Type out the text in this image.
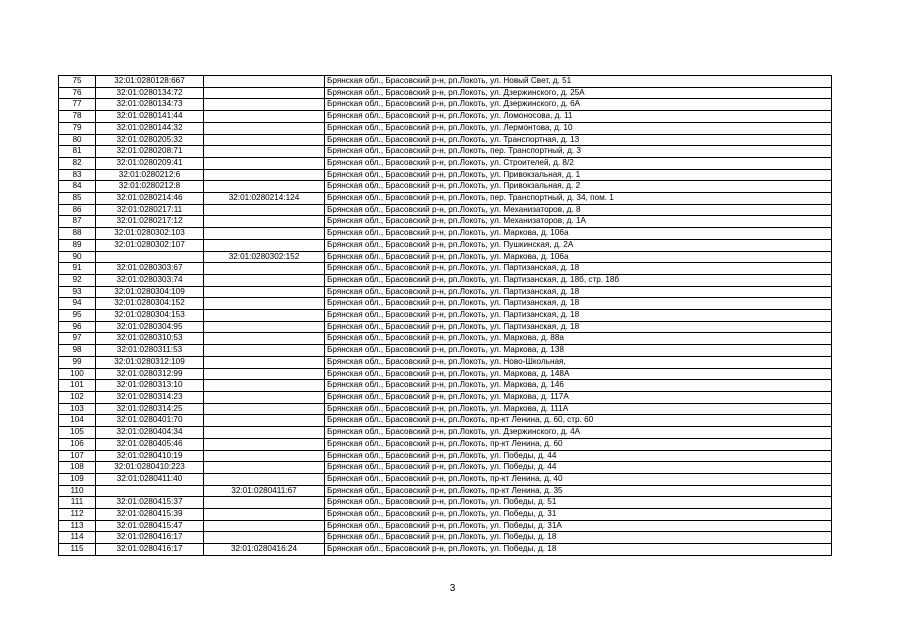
75	32:01:0280128:667		Брянская обл., Брасовский р-н, рп.Локоть, ул. Новый Свет, д. 51
76	32:01:0280134:72		Брянская обл., Брасовский р-н, рп.Локоть, ул. Дзержинского, д. 25А
77	32:01:0280134:73		Брянская обл., Брасовский р-н, рп.Локоть, ул. Дзержинского, д. 6А
78	32:01:0280141:44		Брянская обл., Брасовский р-н, рп.Локоть, ул. Ломоносова, д. 11
79	32:01:0280144:32		Брянская обл., Брасовский р-н, рп.Локоть, ул. Лермонтова, д. 10
80	32:01:0280205:32		Брянская обл., Брасовский р-н, рп.Локоть, ул. Транспортная, д. 13
81	32:01:0280208:71		Брянская обл., Брасовский р-н, рп.Локоть, пер. Транспортный, д. 3
82	32:01:0280209:41		Брянская обл., Брасовский р-н, рп.Локоть, ул. Строителей, д. 8/2
83	32:01:0280212:6		Брянская обл., Брасовский р-н, рп.Локоть, ул. Привокзальная, д. 1
84	32:01:0280212:8		Брянская обл., Брасовский р-н, рп.Локоть, ул. Привокзальная, д. 2
85	32:01:0280214:46	32:01:0280214:124	Брянская обл., Брасовский р-н, рп.Локоть, пер. Транспортный, д. 34, пом. 1
86	32:01:0280217:11		Брянская обл., Брасовский р-н, рп.Локоть, ул. Механизаторов, д. 8
87	32:01:0280217:12		Брянская обл., Брасовский р-н, рп.Локоть, ул. Механизаторов, д. 1А
88	32:01:0280302:103		Брянская обл., Брасовский р-н, рп.Локоть, ул. Маркова, д. 106а
89	32:01:0280302:107		Брянская обл., Брасовский р-н, рп.Локоть, ул. Пушкинская, д. 2А
90		32:01:0280302:152	Брянская обл., Брасовский р-н, рп.Локоть, ул. Маркова, д. 106а
91	32:01:0280303:67		Брянская обл., Брасовский р-н, рп.Локоть, ул. Партизанская, д. 18
92	32:01:0280303:74		Брянская обл., Брасовский р-н, рп.Локоть, ул. Партизанская, д. 18б, стр. 18б
93	32:01:0280304:109		Брянская обл., Брасовский р-н, рп.Локоть, ул. Партизанская, д. 18
94	32:01:0280304:152		Брянская обл., Брасовский р-н, рп.Локоть, ул. Партизанская, д. 18
95	32:01:0280304:153		Брянская обл., Брасовский р-н, рп.Локоть, ул. Партизанская, д. 18
96	32:01:0280304:95		Брянская обл., Брасовский р-н, рп.Локоть, ул. Партизанская, д. 18
97	32:01:0280310:53		Брянская обл., Брасовский р-н, рп.Локоть, ул. Маркова, д. 88а
98	32:01:0280311:53		Брянская обл., Брасовский р-н, рп.Локоть, ул. Маркова, д. 138
99	32:01:0280312:109		Брянская обл., Брасовский р-н, рп.Локоть, ул. Ново-Школьная,
100	32:01:0280312:99		Брянская обл., Брасовский р-н, рп.Локоть, ул. Маркова, д. 148А
101	32:01:0280313:10		Брянская обл., Брасовский р-н, рп.Локоть, ул. Маркова, д. 146
102	32:01:0280314:23		Брянская обл., Брасовский р-н, рп.Локоть, ул. Маркова, д. 117А
103	32:01:0280314:25		Брянская обл., Брасовский р-н, рп.Локоть, ул. Маркова, д. 111А
104	32:01:0280401:70		Брянская обл., Брасовский р-н, рп.Локоть, пр-кт Ленина, д. 60, стр. 60
105	32:01:0280404:34		Брянская обл., Брасовский р-н, рп.Локоть, ул. Дзержинского, д. 4А
106	32:01:0280405:46		Брянская обл., Брасовский р-н, рп.Локоть, пр-кт Ленина, д. 60
107	32:01:0280410:19		Брянская обл., Брасовский р-н, рп.Локоть, ул. Победы, д. 44
108	32:01:0280410:223		Брянская обл., Брасовский р-н, рп.Локоть, ул. Победы, д. 44
109	32:01:0280411:40		Брянская обл., Брасовский р-н, рп.Локоть, пр-кт Ленина, д. 40
110		32:01:0280411:67	Брянская обл., Брасовский р-н, рп.Локоть, пр-кт Ленина, д. 35
111	32:01:0280415:37		Брянская обл., Брасовский р-н, рп.Локоть, ул. Победы, д. 51
112	32:01:0280415:39		Брянская обл., Брасовский р-н, рп.Локоть, ул. Победы, д. 31
113	32:01:0280415:47		Брянская обл., Брасовский р-н, рп.Локоть, ул. Победы, д. 31А
114	32:01:0280416:17		Брянская обл., Брасовский р-н, рп.Локоть, ул. Победы, д. 18
115	32:01:0280416:17	32:01:0280416:24	Брянская обл., Брасовский р-н, рп.Локоть, ул. Победы, д. 18
3
